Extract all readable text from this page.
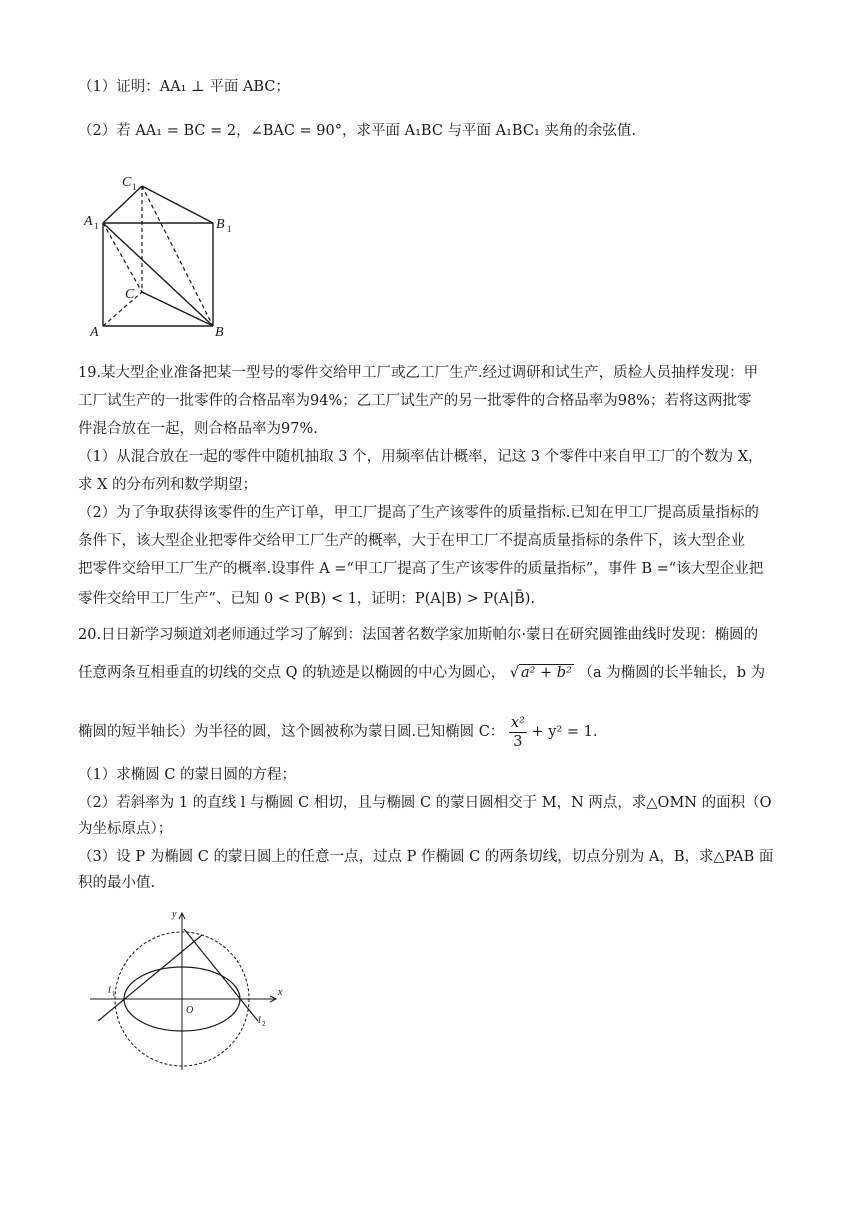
（1）证明：AA₁ ⊥ 平面 ABC；
（2）若 AA₁ = BC = 2，∠BAC = 90°，求平面 A₁BC 与平面 A₁BC₁ 夹角的余弦值.
C 1
A 1	B 1
C
A	B
19.某大型企业准备把某一型号的零件交给甲工厂或乙工厂生产.经过调研和试生产，质检人员抽样发现：甲
工厂试生产的一批零件的合格品率为94%；乙工厂试生产的另一批零件的合格品率为98%；若将这两批零
件混合放在一起，则合格品率为97%.
（1）从混合放在一起的零件中随机抽取 3 个，用频率估计概率，记这 3 个零件中来自甲工厂的个数为 X，
求 X 的分布列和数学期望；
（2）为了争取获得该零件的生产订单，甲工厂提高了生产该零件的质量指标.已知在甲工厂提高质量指标的
条件下，该大型企业把零件交给甲工厂生产的概率，大于在甲工厂不提高质量指标的条件下，该大型企业
把零件交给甲工厂生产的概率.设事件 A =“甲工厂提高了生产该零件的质量指标”，事件 B =“该大型企业把
零件交给甲工厂生产”、已知 0 < P(B) < 1，证明：P(A|B) > P(A|B̄).
20.日日新学习频道刘老师通过学习了解到：法国著名数学家加斯帕尔·蒙日在研究圆锥曲线时发现：椭圆的
任意两条互相垂直的切线的交点 Q 的轨迹是以椭圆的中心为圆心， √ a² + b² （a 为椭圆的长半轴长，b 为
椭圆的短半轴长）为半径的圆，这个圆被称为蒙日圆.已知椭圆 C： $\frac{\text{x²}}{3} + y^2 = 1$.
（1）求椭圆 C 的蒙日圆的方程；
（2）若斜率为 1 的直线 l 与椭圆 C 相切，且与椭圆 C 的蒙日圆相交于 M，N 两点，求△OMN 的面积（O
为坐标原点）；
（3）设 P 为椭圆 C 的蒙日圆上的任意一点，过点 P 作椭圆 C 的两条切线，切点分别为 A，B，求△PAB 面
积的最小值.
y
x
O
l 1
l 2
